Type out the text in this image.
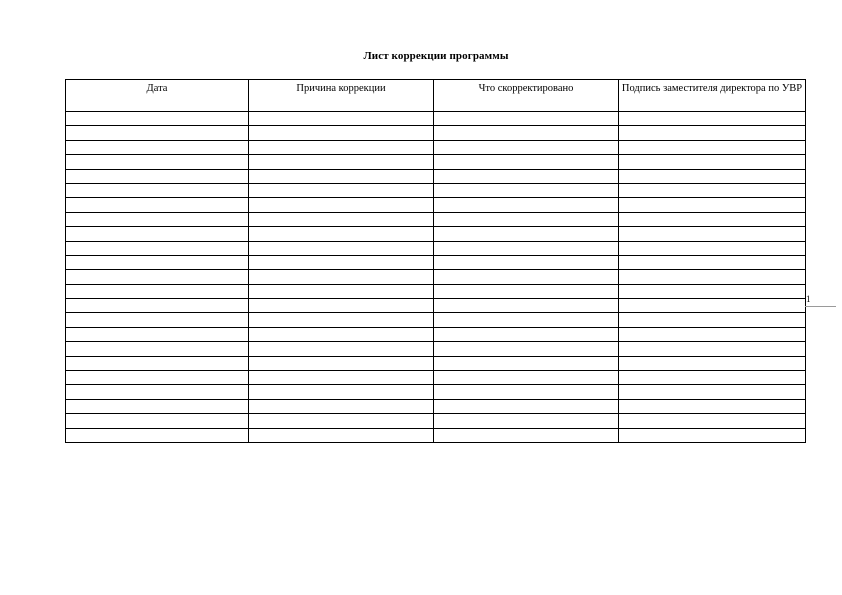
Лист коррекции программы
Дата	Причина коррекции	Что скорректировано	Подпись заместителя директора по УВР

1
